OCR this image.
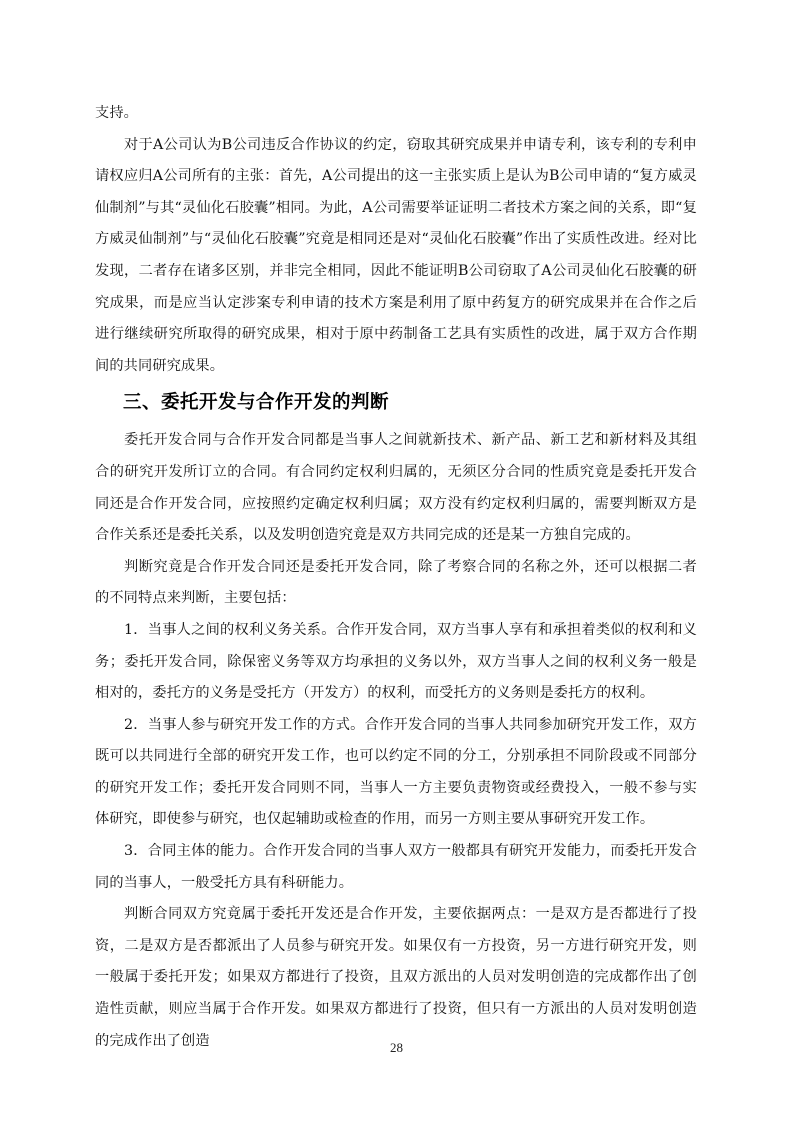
支持。

对于A公司认为B公司违反合作协议的约定，窃取其研究成果并申请专利，该专利的专利申请权应归A公司所有的主张：首先，A公司提出的这一主张实质上是认为B公司申请的“复方威灵仙制剂”与其“灵仙化石胶囊”相同。为此，A公司需要举证证明二者技术方案之间的关系，即“复方威灵仙制剂”与“灵仙化石胶囊”究竟是相同还是对“灵仙化石胶囊”作出了实质性改进。经对比发现，二者存在诸多区别，并非完全相同，因此不能证明B公司窃取了A公司灵仙化石胶囊的研究成果，而是应当认定涉案专利申请的技术方案是利用了原中药复方的研究成果并在合作之后进行继续研究所取得的研究成果，相对于原中药制备工艺具有实质性的改进，属于双方合作期间的共同研究成果。

三、委托开发与合作开发的判断

委托开发合同与合作开发合同都是当事人之间就新技术、新产品、新工艺和新材料及其组合的研究开发所订立的合同。有合同约定权利归属的，无须区分合同的性质究竟是委托开发合同还是合作开发合同，应按照约定确定权利归属；双方没有约定权利归属的，需要判断双方是合作关系还是委托关系，以及发明创造究竟是双方共同完成的还是某一方独自完成的。

判断究竟是合作开发合同还是委托开发合同，除了考察合同的名称之外，还可以根据二者的不同特点来判断，主要包括：

1．当事人之间的权利义务关系。合作开发合同，双方当事人享有和承担着类似的权利和义务；委托开发合同，除保密义务等双方均承担的义务以外，双方当事人之间的权利义务一般是相对的，委托方的义务是受托方（开发方）的权利，而受托方的义务则是委托方的权利。

2．当事人参与研究开发工作的方式。合作开发合同的当事人共同参加研究开发工作，双方既可以共同进行全部的研究开发工作，也可以约定不同的分工，分别承担不同阶段或不同部分的研究开发工作；委托开发合同则不同，当事人一方主要负责物资或经费投入，一般不参与实体研究，即使参与研究，也仅起辅助或检查的作用，而另一方则主要从事研究开发工作。

3．合同主体的能力。合作开发合同的当事人双方一般都具有研究开发能力，而委托开发合同的当事人，一般受托方具有科研能力。

判断合同双方究竟属于委托开发还是合作开发，主要依据两点：一是双方是否都进行了投资，二是双方是否都派出了人员参与研究开发。如果仅有一方投资，另一方进行研究开发，则一般属于委托开发；如果双方都进行了投资，且双方派出的人员对发明创造的完成都作出了创造性贡献，则应当属于合作开发。如果双方都进行了投资，但只有一方派出的人员对发明创造的完成作出了创造	28
